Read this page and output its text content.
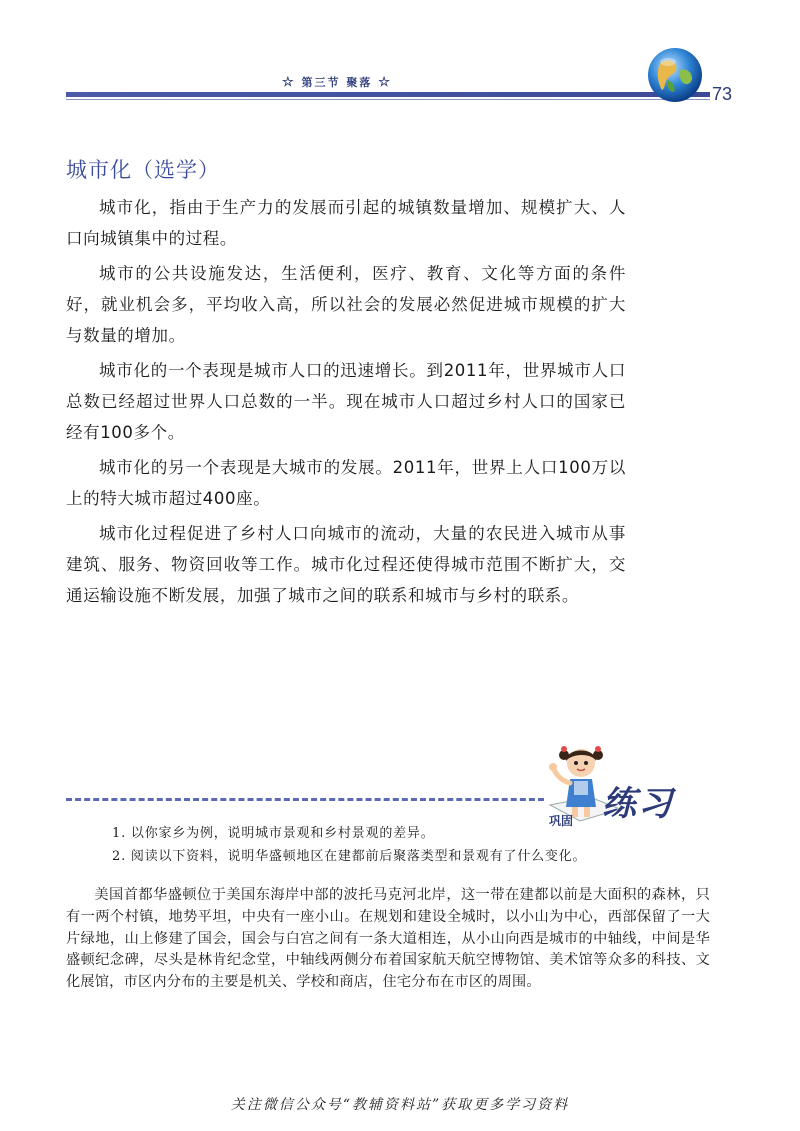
☆ 第三节 聚落 ☆
73
城市化（选学）

城市化，指由于生产力的发展而引起的城镇数量增加、规模扩大、人口向城镇集中的过程。

城市的公共设施发达，生活便利，医疗、教育、文化等方面的条件好，就业机会多，平均收入高，所以社会的发展必然促进城市规模的扩大与数量的增加。

城市化的一个表现是城市人口的迅速增长。到2011年，世界城市人口总数已经超过世界人口总数的一半。现在城市人口超过乡村人口的国家已经有100多个。

城市化的另一个表现是大城市的发展。2011年，世界上人口100万以上的特大城市超过400座。

城市化过程促进了乡村人口向城市的流动，大量的农民进入城市从事建筑、服务、物资回收等工作。城市化过程还使得城市范围不断扩大，交通运输设施不断发展，加强了城市之间的联系和城市与乡村的联系。

巩固 练习
1. 以你家乡为例，说明城市景观和乡村景观的差异。
2. 阅读以下资料，说明华盛顿地区在建都前后聚落类型和景观有了什么变化。

美国首都华盛顿位于美国东海岸中部的波托马克河北岸，这一带在建都以前是大面积的森林，只有一两个村镇，地势平坦，中央有一座小山。在规划和建设全城时，以小山为中心，西部保留了一大片绿地，山上修建了国会，国会与白宫之间有一条大道相连，从小山向西是城市的中轴线，中间是华盛顿纪念碑，尽头是林肯纪念堂，中轴线两侧分布着国家航天航空博物馆、美术馆等众多的科技、文化展馆，市区内分布的主要是机关、学校和商店，住宅分布在市区的周围。

关注微信公众号“教辅资料站”获取更多学习资料
